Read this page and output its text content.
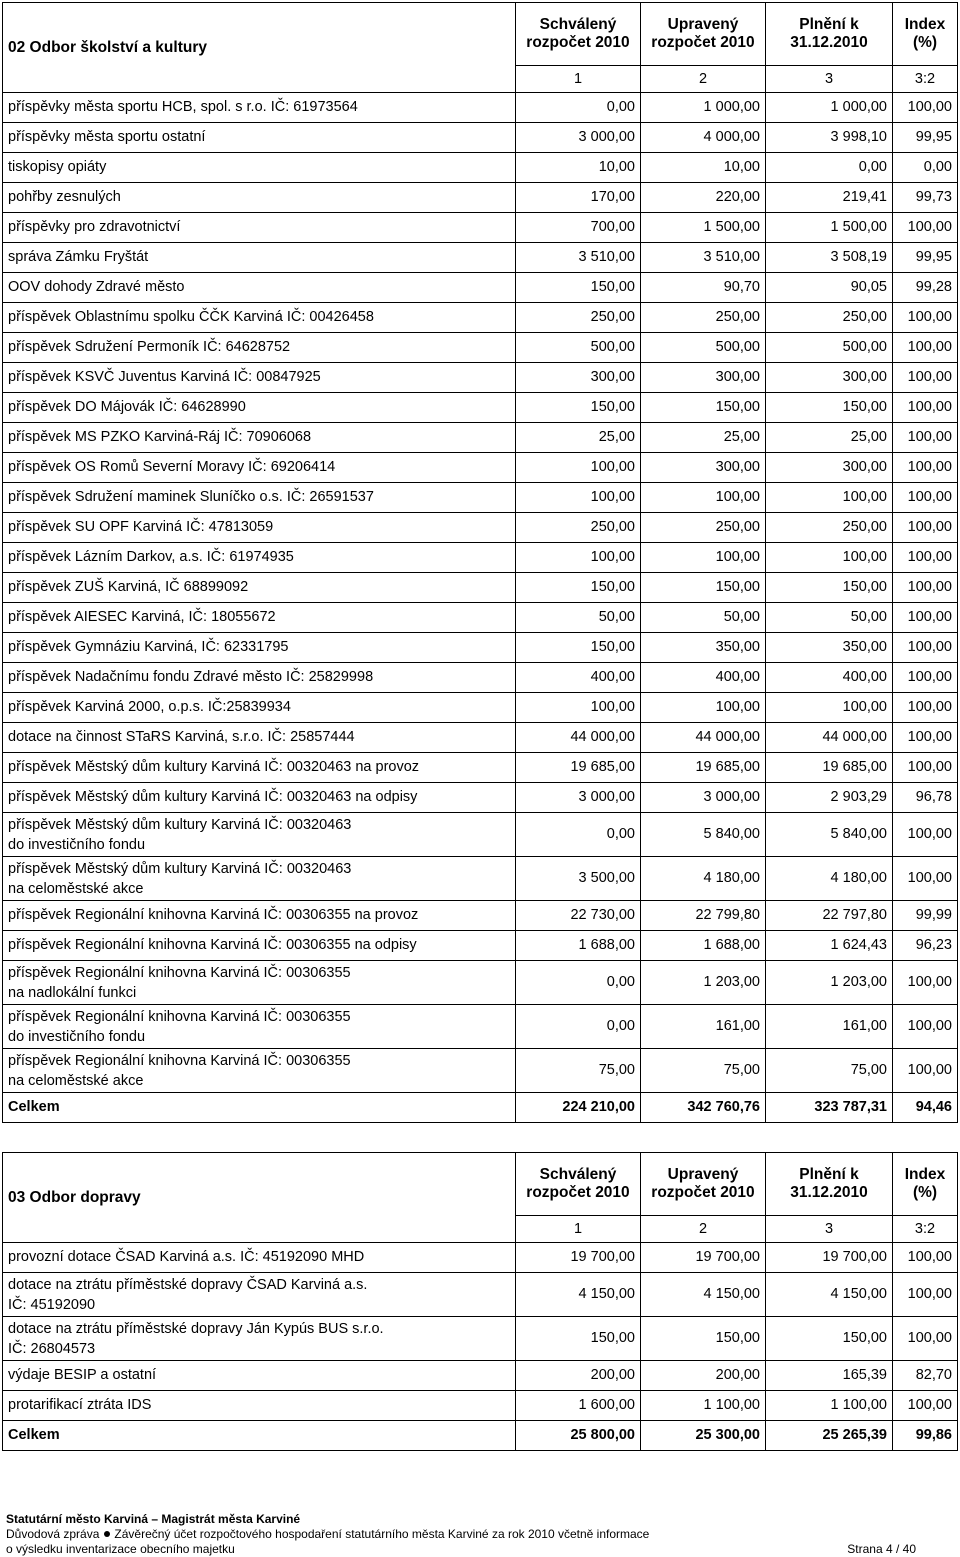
02 Odbor školství a kultury	Schválený rozpočet 2010	Upravený rozpočet 2010	Plnění k 31.12.2010	Index (%)
	1	2	3	3:2
příspěvky města sportu HCB, spol. s r.o. IČ: 61973564	0,00	1 000,00	1 000,00	100,00
příspěvky města sportu ostatní	3 000,00	4 000,00	3 998,10	99,95
tiskopisy opiáty	10,00	10,00	0,00	0,00
pohřby zesnulých	170,00	220,00	219,41	99,73
příspěvky pro zdravotnictví	700,00	1 500,00	1 500,00	100,00
správa Zámku Fryštát	3 510,00	3 510,00	3 508,19	99,95
OOV dohody Zdravé město	150,00	90,70	90,05	99,28
příspěvek Oblastnímu spolku ČČK Karviná IČ: 00426458	250,00	250,00	250,00	100,00
příspěvek Sdružení Permoník IČ: 64628752	500,00	500,00	500,00	100,00
příspěvek KSVČ Juventus Karviná IČ: 00847925	300,00	300,00	300,00	100,00
příspěvek DO Májovák IČ: 64628990	150,00	150,00	150,00	100,00
příspěvek MS PZKO Karviná-Ráj IČ: 70906068	25,00	25,00	25,00	100,00
příspěvek OS Romů Severní Moravy IČ: 69206414	100,00	300,00	300,00	100,00
příspěvek Sdružení maminek Sluníčko o.s. IČ: 26591537	100,00	100,00	100,00	100,00
příspěvek SU OPF Karviná IČ: 47813059	250,00	250,00	250,00	100,00
příspěvek Lázním Darkov, a.s. IČ: 61974935	100,00	100,00	100,00	100,00
příspěvek ZUŠ Karviná, IČ 68899092	150,00	150,00	150,00	100,00
příspěvek AIESEC Karviná, IČ: 18055672	50,00	50,00	50,00	100,00
příspěvek Gymnáziu Karviná, IČ: 62331795	150,00	350,00	350,00	100,00
příspěvek Nadačnímu fondu Zdravé město IČ: 25829998	400,00	400,00	400,00	100,00
příspěvek Karviná 2000, o.p.s. IČ:25839934	100,00	100,00	100,00	100,00
dotace na činnost STaRS Karviná, s.r.o. IČ: 25857444	44 000,00	44 000,00	44 000,00	100,00
příspěvek Městský dům kultury Karviná IČ: 00320463 na provoz	19 685,00	19 685,00	19 685,00	100,00
příspěvek Městský dům kultury Karviná IČ: 00320463 na odpisy	3 000,00	3 000,00	2 903,29	96,78

příspěvek Městský dům kultury Karviná IČ: 00320463
do investičního fondu	0,00	5 840,00	5 840,00	100,00

příspěvek Městský dům kultury Karviná IČ: 00320463
na celoměstské akce	3 500,00	4 180,00	4 180,00	100,00
příspěvek Regionální knihovna Karviná IČ: 00306355 na provoz	22 730,00	22 799,80	22 797,80	99,99
příspěvek Regionální knihovna Karviná IČ: 00306355 na odpisy	1 688,00	1 688,00	1 624,43	96,23

příspěvek Regionální knihovna Karviná IČ: 00306355
na nadlokální funkci	0,00	1 203,00	1 203,00	100,00

příspěvek Regionální knihovna Karviná IČ: 00306355
do investičního fondu	0,00	161,00	161,00	100,00

příspěvek Regionální knihovna Karviná IČ: 00306355
na celoměstské akce	75,00	75,00	75,00	100,00
Celkem	224 210,00	342 760,76	323 787,31	94,46
03 Odbor dopravy	Schválený rozpočet 2010	Upravený rozpočet 2010	Plnění k 31.12.2010	Index (%)
	1	2	3	3:2
provozní dotace ČSAD Karviná a.s. IČ: 45192090 MHD	19 700,00	19 700,00	19 700,00	100,00

dotace na ztrátu příměstské dopravy ČSAD Karviná a.s.
IČ: 45192090	4 150,00	4 150,00	4 150,00	100,00

dotace na ztrátu příměstské dopravy Ján Kypús BUS s.r.o.
IČ: 26804573	150,00	150,00	150,00	100,00
výdaje BESIP a ostatní	200,00	200,00	165,39	82,70
protarifikací ztráta IDS	1 600,00	1 100,00	1 100,00	100,00
Celkem	25 800,00	25 300,00	25 265,39	99,86
Statutární město Karviná – Magistrát města Karviné
Důvodová zpráva Závěrečný účet rozpočtového hospodaření statutárního města Karviné za rok 2010 včetně informace
o výsledku inventarizace obecního majetku	Strana 4 / 40
